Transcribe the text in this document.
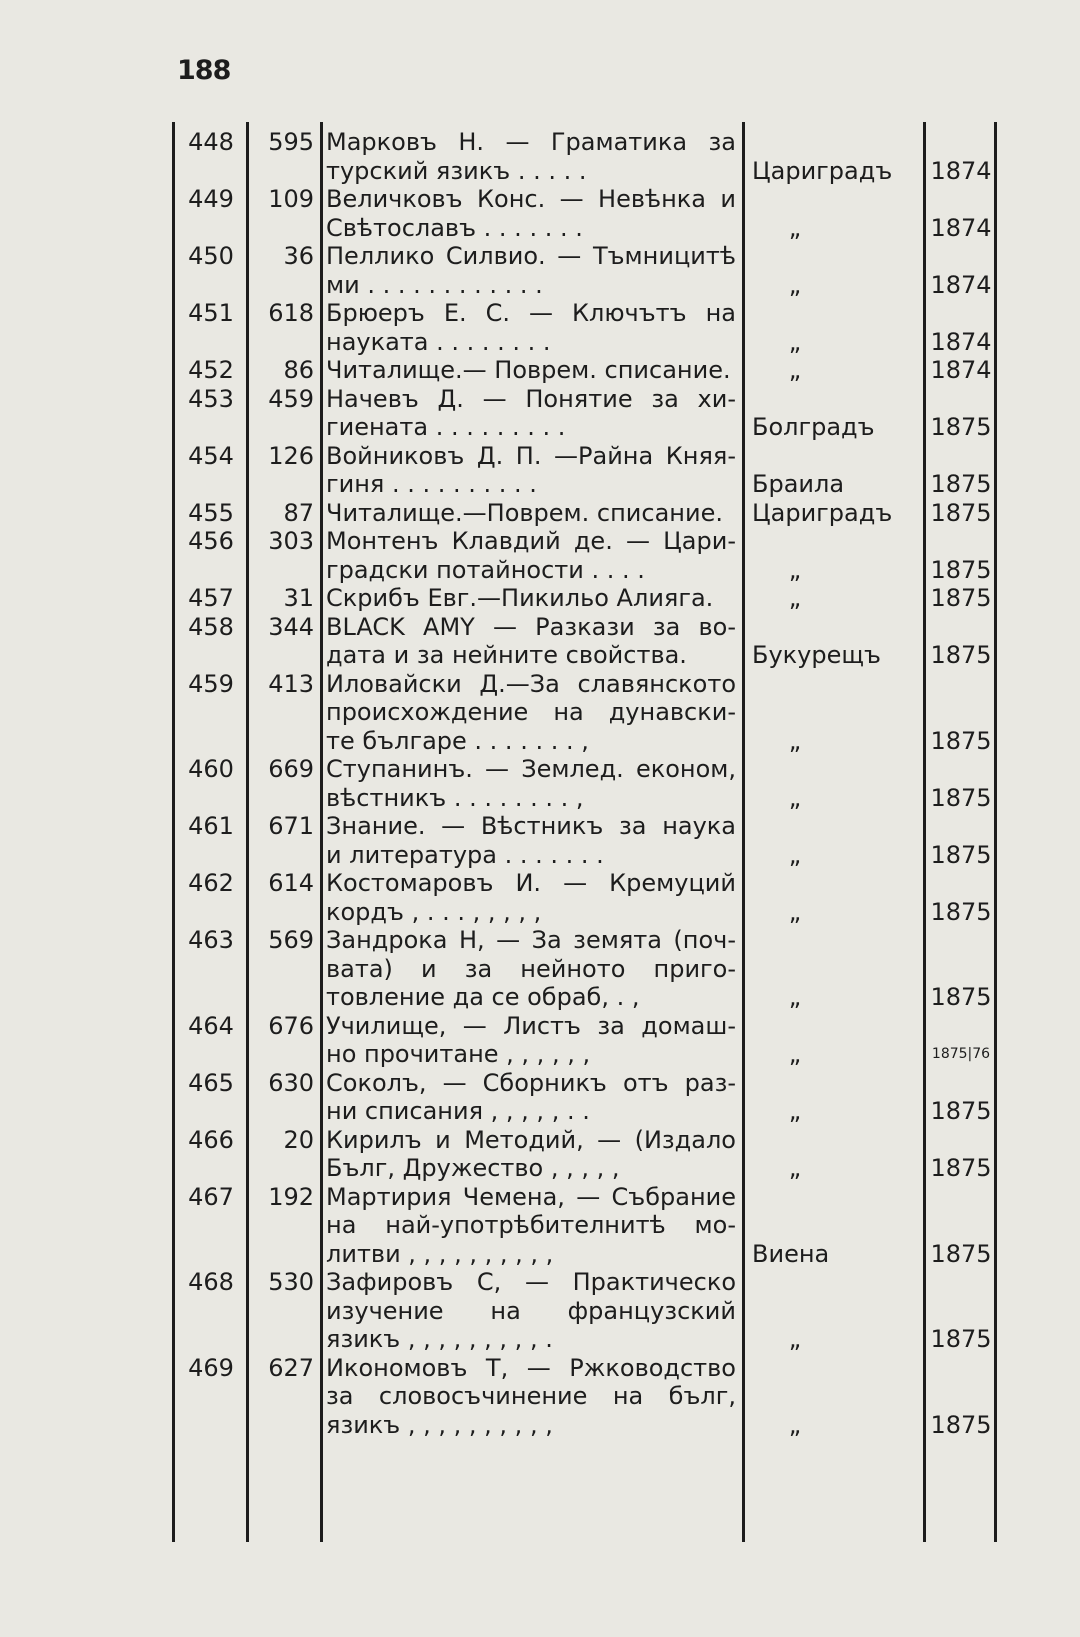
188
448	595 Марковъ Н. — Граматика за
турский язикъ . . . . .	Цариградъ	1874
449	109 Величковъ Конс. — Невѣнка и
Свѣтославъ . . . . . . .	„	1874
450	36 Пеллико Силвио. — Тъмницитѣ
ми . . . . . . . . . . . .	„	1874
451	618 Брюеръ Е. С. — Ключътъ на
науката . . . . . . . .	„	1874
452	86 Читалище.— Поврем. списание.	„	1874
453	459 Начевъ Д. — Понятие за хи-
гиената . . . . . . . . .	Болградъ	1875
454	126 Войниковъ Д. П. —Райна Княя-
гиня . . . . . . . . . .	Браила	1875
455	87 Читалище.—Поврем. списание.	Цариградъ	1875
456	303 Монтенъ Клавдий де. — Цари-
градски потайности . . . .	„	1875
457	31 Скрибъ Евг.—Пикильо Алияга.	„	1875
458	344 BLACK AMY — Разкази за во-
дата и за нейните свойства.	Букурещъ	1875
459	413 Иловайски Д.—За славянското
происхождение на дунавски-
те българе . . . . . . . ,	„	1875
460	669 Ступанинъ. — Землед. економ,
вѣстникъ . . . . . . . . ,	„	1875
461	671 Знание. — Вѣстникъ за наука
и литература . . . . . . .	„	1875
462	614 Костомаровъ И. — Кремуций
кордъ , . . . , , , , ,	„	1875
463	569 Зандрока Н, — За земята (поч-
вата) и за нейното приго-
товление да се обраб, . ,	„	1875
464	676 Училище, — Листъ за домаш-
но прочитане , , , , , ,	„	1875|76
465	630 Соколъ, — Сборникъ отъ раз-
ни списания , , , , , . .	„	1875
466	20 Кирилъ и Методий, — (Издало
Бълг, Дружество , , , , ,	„	1875
467	192 Мартирия Чемена, — Събрание
на най-употрѣбителнитѣ мо-
литви , , , , , , , , , ,	Виена	1875
468	530 Зафировъ С, — Практическо
изучение на французский
язикъ , , , , , , , , , .	„	1875
469	627 Икономовъ Т, — Ржководство
за словосъчинение на бълг,
язикъ , , , , , , , , , ,	„	1875
